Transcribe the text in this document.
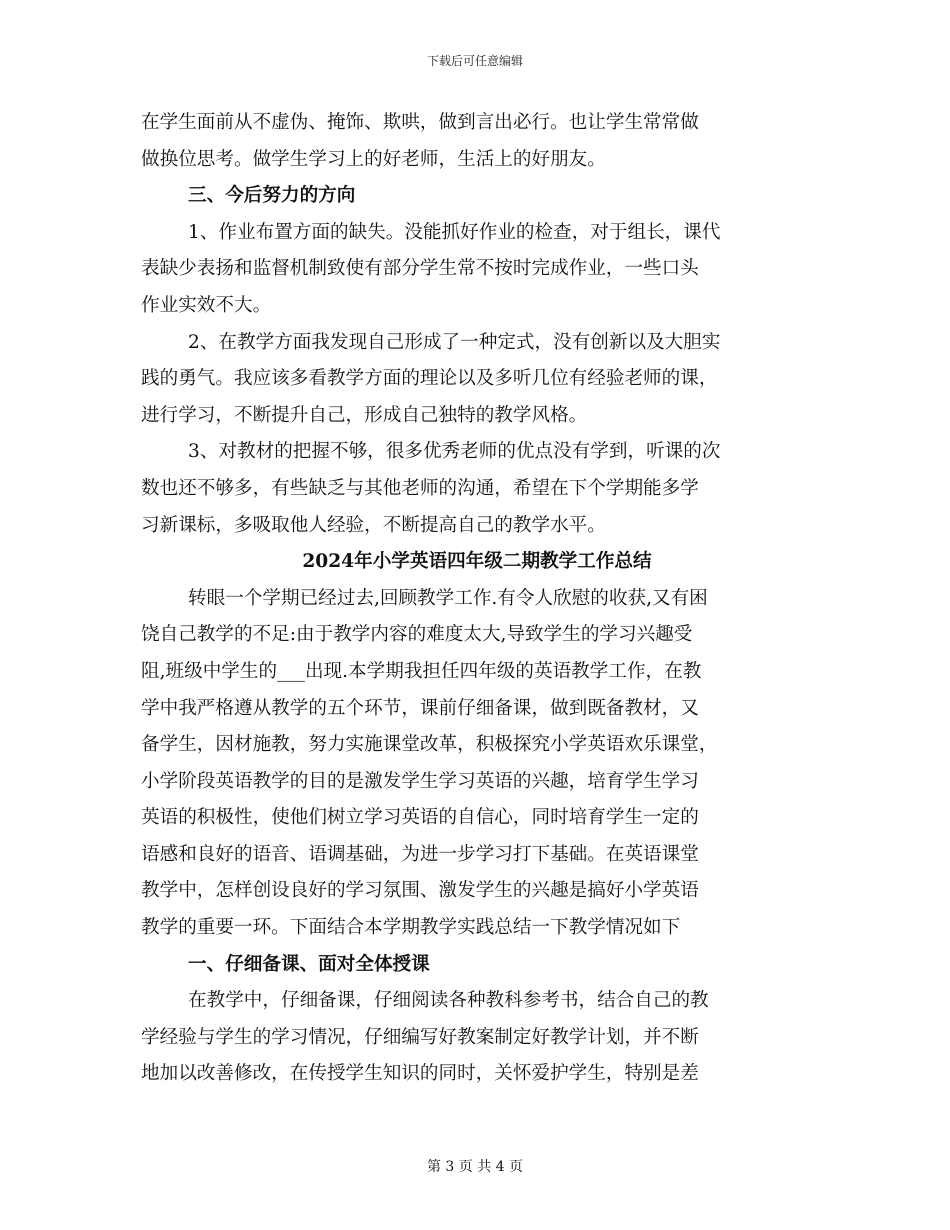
下载后可任意编辑
在学生面前从不虚伪、掩饰、欺哄，做到言出必行。也让学生常常做
做换位思考。做学生学习上的好老师，生活上的好朋友。
三、今后努力的方向
1、作业布置方面的缺失。没能抓好作业的检查，对于组长，课代
表缺少表扬和监督机制致使有部分学生常不按时完成作业，一些口头
作业实效不大。
2、在教学方面我发现自己形成了一种定式，没有创新以及大胆实
践的勇气。我应该多看教学方面的理论以及多听几位有经验老师的课，
进行学习，不断提升自己，形成自己独特的教学风格。
3、对教材的把握不够，很多优秀老师的优点没有学到，听课的次
数也还不够多，有些缺乏与其他老师的沟通，希望在下个学期能多学
习新课标，多吸取他人经验，不断提高自己的教学水平。
2024年小学英语四年级二期教学工作总结
转眼一个学期已经过去,回顾教学工作.有令人欣慰的收获,又有困
饶自己教学的不足:由于教学内容的难度太大,导致学生的学习兴趣受
阻,班级中学生的___出现.本学期我担任四年级的英语教学工作，在教
学中我严格遵从教学的五个环节，课前仔细备课，做到既备教材，又
备学生，因材施教，努力实施课堂改革，积极探究小学英语欢乐课堂，
小学阶段英语教学的目的是激发学生学习英语的兴趣，培育学生学习
英语的积极性，使他们树立学习英语的自信心，同时培育学生一定的
语感和良好的语音、语调基础，为进一步学习打下基础。在英语课堂
教学中，怎样创设良好的学习氛围、激发学生的兴趣是搞好小学英语
教学的重要一环。下面结合本学期教学实践总结一下教学情况如下
一、仔细备课、面对全体授课
在教学中，仔细备课，仔细阅读各种教科参考书，结合自己的教
学经验与学生的学习情况，仔细编写好教案制定好教学计划，并不断
地加以改善修改，在传授学生知识的同时，关怀爱护学生，特别是差
第 3 页 共 4 页
